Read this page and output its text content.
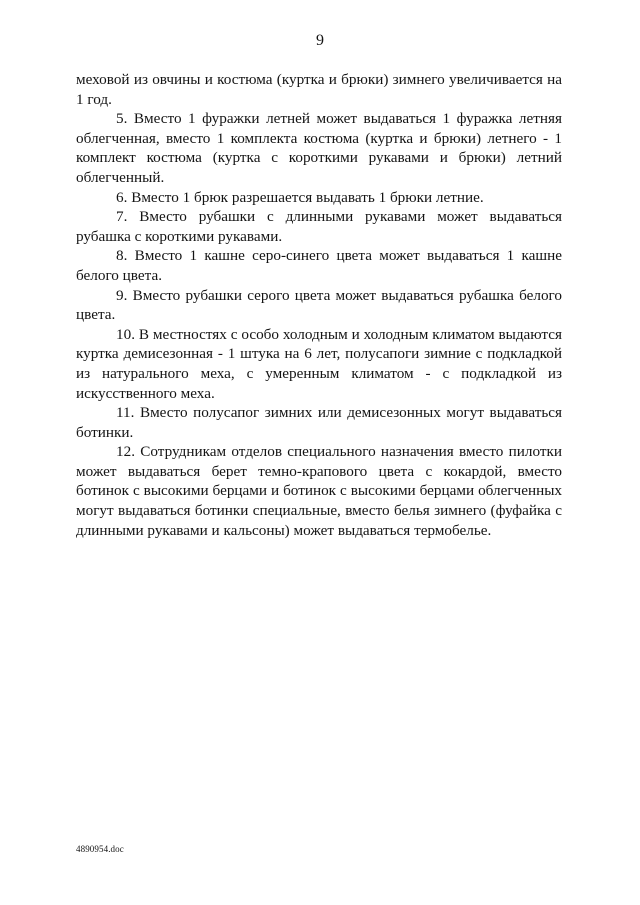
9

меховой из овчины и костюма (куртка и брюки) зимнего увеличивается на 1 год.

5. Вместо 1 фуражки летней может выдаваться 1 фуражка летняя облегченная, вместо 1 комплекта костюма (куртка и брюки) летнего - 1 комплект костюма (куртка с короткими рукавами и брюки) летний облегченный.

6. Вместо 1 брюк разрешается выдавать 1 брюки летние.

7. Вместо рубашки с длинными рукавами может выдаваться рубашка с короткими рукавами.

8. Вместо 1 кашне серо-синего цвета может выдаваться 1 кашне белого цвета.

9. Вместо рубашки серого цвета может выдаваться рубашка белого цвета.

10. В местностях с особо холодным и холодным климатом выдаются куртка демисезонная - 1 штука на 6 лет, полусапоги зимние с подкладкой из натурального меха, с умеренным климатом - с подкладкой из искусственного меха.

11. Вместо полусапог зимних или демисезонных могут выдаваться ботинки.

12. Сотрудникам отделов специального назначения вместо пилотки может выдаваться берет темно-крапового цвета с кокардой, вместо ботинок с высокими берцами и ботинок с высокими берцами облегченных могут выдаваться ботинки специальные, вместо белья зимнего (фуфайка с длинными рукавами и кальсоны) может выдаваться термобелье.

4890954.doc
